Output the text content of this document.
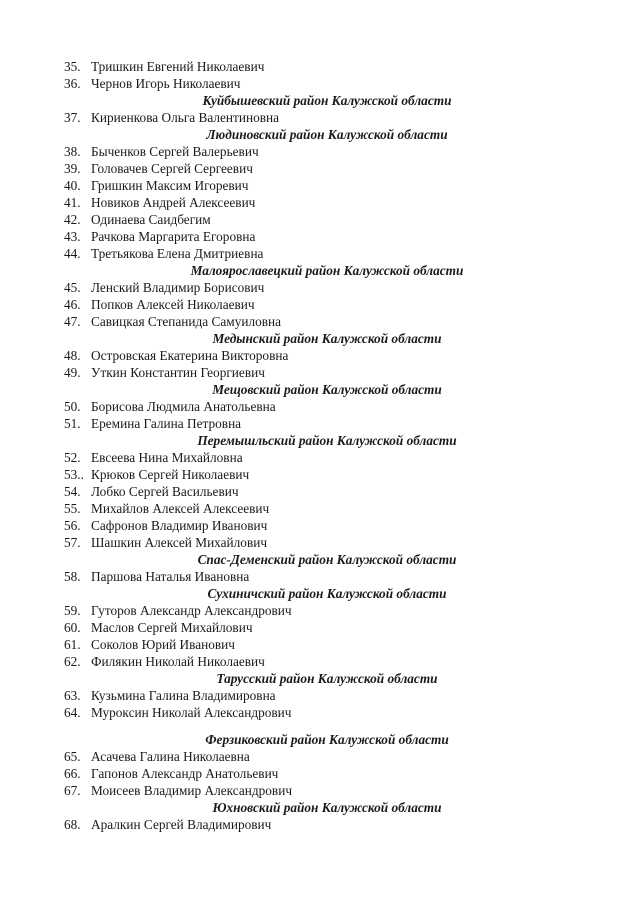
35. Тришкин Евгений Николаевич
36. Чернов Игорь Николаевич
Куйбышевский район Калужской области
37. Кириенкова Ольга Валентиновна
Людиновский район Калужской области
38. Быченков Сергей Валерьевич
39. Головачев Сергей Сергеевич
40. Гришкин Максим Игоревич
41. Новиков Андрей Алексеевич
42. Одинаева Саидбегим
43. Рачкова Маргарита Егоровна
44. Третьякова Елена Дмитриевна
Малоярославецкий район Калужской области
45. Ленский Владимир Борисович
46. Попков Алексей Николаевич
47. Савицкая Степанида Самуиловна
Медынский район Калужской области
48. Островская Екатерина Викторовна
49. Уткин Константин Георгиевич
Мещовский район Калужской области
50. Борисова Людмила Анатольевна
51. Еремина Галина Петровна
Перемышльский район Калужской области
52. Евсеева Нина Михайловна
53.. Крюков Сергей Николаевич
54. Лобко Сергей Васильевич
55. Михайлов Алексей Алексеевич
56. Сафронов Владимир Иванович
57. Шашкин Алексей Михайлович
Спас-Деменский район Калужской области
58. Паршова Наталья Ивановна
Сухиничский район Калужской области
59. Гуторов Александр Александрович
60. Маслов Сергей Михайлович
61. Соколов Юрий Иванович
62. Филякин Николай Николаевич
Тарусский район Калужской области
63. Кузьмина Галина Владимировна
64. Мурoксин Николай Александрович
Ферзиковский район Калужской области
65. Асачева Галина Николаевна
66. Гапонов Александр Анатольевич
67. Моисеев Владимир Александрович
Юхновский район Калужской области
68. Аралкин Сергей Владимирович
